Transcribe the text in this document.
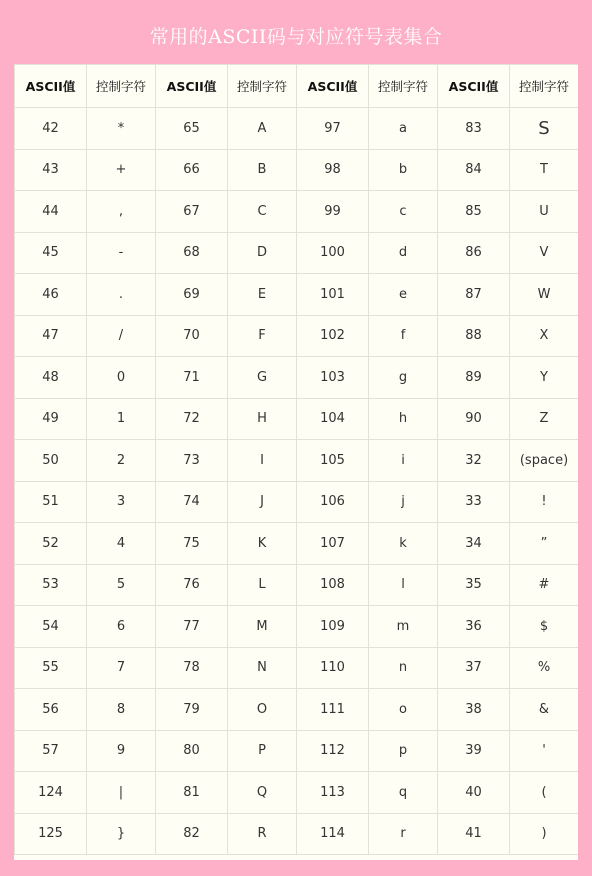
常用的ASCII码与对应符号表集合
ASCII值	控制字符	ASCII值	控制字符	ASCII值	控制字符	ASCII值	控制字符
42	*	65	A	97	a	83	S
43	+	66	B	98	b	84	T
44	,	67	C	99	c	85	U
45	-	68	D	100	d	86	V
46	.	69	E	101	e	87	W
47	/	70	F	102	f	88	X
48	0	71	G	103	g	89	Y
49	1	72	H	104	h	90	Z
50	2	73	I	105	i	32	(space)
51	3	74	J	106	j	33	!
52	4	75	K	107	k	34	”
53	5	76	L	108	l	35	#
54	6	77	M	109	m	36	$
55	7	78	N	110	n	37	%
56	8	79	O	111	o	38	&
57	9	80	P	112	p	39	'
124	|	81	Q	113	q	40	(
125	}	82	R	114	r	41	)
